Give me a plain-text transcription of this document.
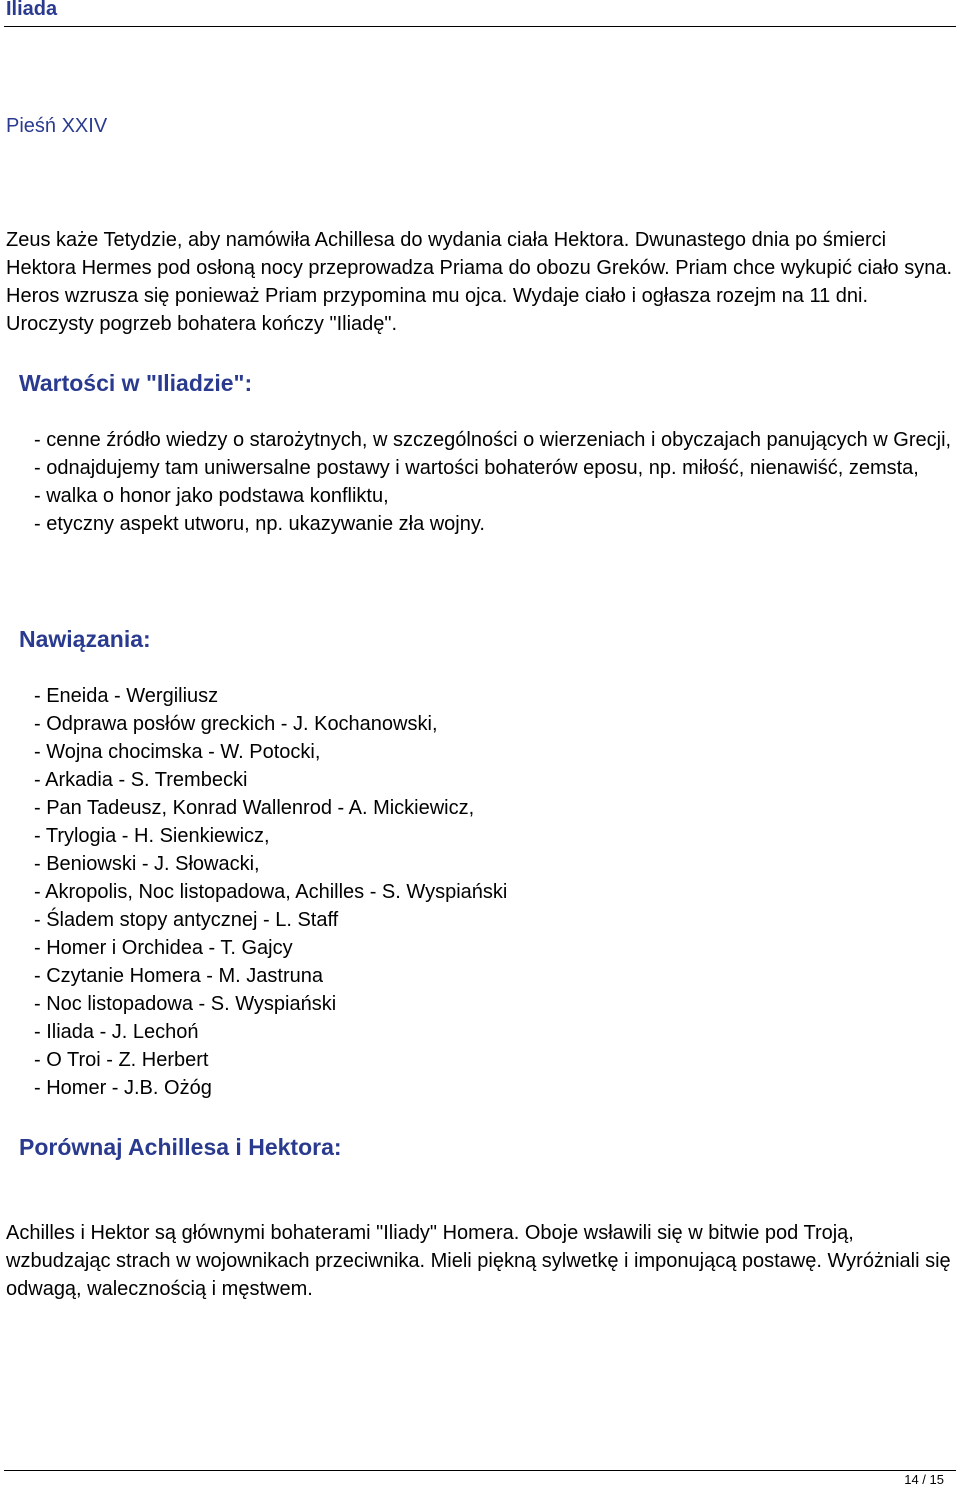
Iliada
Pieśń XXIV

Zeus każe Tetydzie, aby namówiła Achillesa do wydania ciała Hektora. Dwunastego dnia po śmierci Hektora Hermes pod osłoną nocy przeprowadza Priama do obozu Greków. Priam chce wykupić ciało syna. Heros wzrusza się ponieważ Priam przypomina mu ojca. Wydaje ciało i ogłasza rozejm na 11 dni. Uroczysty pogrzeb bohatera kończy "Iliadę".

Wartości w "Iliadzie":
- cenne źródło wiedzy o starożytnych, w szczególności o wierzeniach i obyczajach panujących w Grecji,
- odnajdujemy tam uniwersalne postawy i wartości bohaterów eposu, np. miłość, nienawiść, zemsta,
- walka o honor jako podstawa konfliktu,
- etyczny aspekt utworu, np. ukazywanie zła wojny.
Nawiązania:
- Eneida - Wergiliusz
- Odprawa posłów greckich - J. Kochanowski,
- Wojna chocimska - W. Potocki,
- Arkadia - S. Trembecki
- Pan Tadeusz, Konrad Wallenrod - A. Mickiewicz,
- Trylogia - H. Sienkiewicz,
- Beniowski - J. Słowacki,
- Akropolis, Noc listopadowa, Achilles - S. Wyspiański
- Śladem stopy antycznej - L. Staff
- Homer i Orchidea - T. Gajcy
- Czytanie Homera - M. Jastruna
- Noc listopadowa - S. Wyspiański
- Iliada - J. Lechoń
- O Troi - Z. Herbert
- Homer - J.B. Ożóg
Porównaj Achillesa i Hektora:

Achilles i Hektor są głównymi bohaterami "Iliady" Homera. Oboje wsławili się w bitwie pod Troją, wzbudzając strach w wojownikach przeciwnika. Mieli piękną sylwetkę i imponującą postawę. Wyróżniali się odwagą, walecznością i męstwem.

14 / 15
